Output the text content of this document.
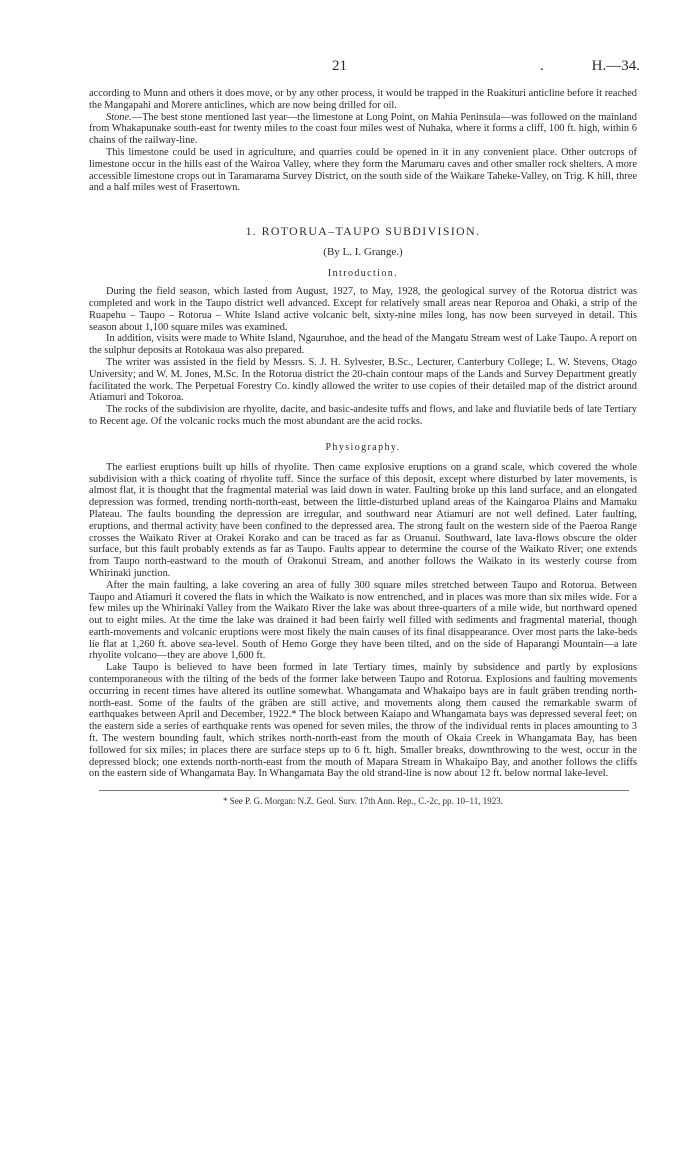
21	.	H.—34.

according to Munn and others it does move, or by any other process, it would be trapped in the Ruakituri anticline before it reached the Mangapahi and Morere anticlines, which are now being drilled for oil.

Stone.—The best stone mentioned last year—the limestone at Long Point, on Mahia Peninsula—was followed on the mainland from Whakapunake south-east for twenty miles to the coast four miles west of Nuhaka, where it forms a cliff, 100 ft. high, within 6 chains of the railway-line.

This limestone could be used in agriculture, and quarries could be opened in it in any convenient place. Other outcrops of limestone occur in the hills east of the Wairoa Valley, where they form the Marumaru caves and other smaller rock shelters. A more accessible limestone crops out in Taramarama Survey District, on the south side of the Waikare Taheke-Valley, on Trig. K hill, three and a half miles west of Frasertown.

1. ROTORUA–TAUPO SUBDIVISION.
(By L. I. Grange.)
Introduction.

During the field season, which lasted from August, 1927, to May, 1928, the geological survey of the Rotorua district was completed and work in the Taupo district well advanced. Except for relatively small areas near Reporoa and Ohaki, a strip of the Ruapehu – Taupo – Rotorua – White Island active volcanic belt, sixty-nine miles long, has now been surveyed in detail. This season about 1,100 square miles was examined.

In addition, visits were made to White Island, Ngauruhoe, and the head of the Mangatu Stream west of Lake Taupo. A report on the sulphur deposits at Rotokaua was also prepared.

The writer was assisted in the field by Messrs. S. J. H. Sylvester, B.Sc., Lecturer, Canterbury College; L. W. Stevens, Otago University; and W. M. Jones, M.Sc. In the Rotorua district the 20-chain contour maps of the Lands and Survey Department greatly facilitated the work. The Perpetual Forestry Co. kindly allowed the writer to use copies of their detailed map of the district around Atiamuri and Tokoroa.

The rocks of the subdivision are rhyolite, dacite, and basic-andesite tuffs and flows, and lake and fluviatile beds of late Tertiary to Recent age. Of the volcanic rocks much the most abundant are the acid rocks.

Physiography.

The earliest eruptions built up hills of rhyolite. Then came explosive eruptions on a grand scale, which covered the whole subdivision with a thick coating of rhyolite tuff. Since the surface of this deposit, except where disturbed by later movements, is almost flat, it is thought that the fragmental material was laid down in water. Faulting broke up this land surface, and an elongated depression was formed, trending north-north-east, between the little-disturbed upland areas of the Kaingaroa Plains and Mamaku Plateau. The faults bounding the depression are irregular, and southward near Atiamuri are not well defined. Later faulting, eruptions, and thermal activity have been confined to the depressed area. The strong fault on the western side of the Paeroa Range crosses the Waikato River at Orakei Korako and can be traced as far as Oruanui. Southward, late lava-flows obscure the older surface, but this fault probably extends as far as Taupo. Faults appear to determine the course of the Waikato River; one extends from Taupo north-eastward to the mouth of Orakonui Stream, and another follows the Waikato in its westerly course from Whirinaki junction.

After the main faulting, a lake covering an area of fully 300 square miles stretched between Taupo and Rotorua. Between Taupo and Atiamuri it covered the flats in which the Waikato is now entrenched, and in places was more than six miles wide. For a few miles up the Whirinaki Valley from the Waikato River the lake was about three-quarters of a mile wide, but northward opened out to eight miles. At the time the lake was drained it had been fairly well filled with sediments and fragmental material, though earth-movements and volcanic eruptions were most likely the main causes of its final disappearance. Over most parts the lake-beds lie flat at 1,260 ft. above sea-level. South of Hemo Gorge they have been tilted, and on the side of Haparangi Mountain—a late rhyolite volcano—they are above 1,600 ft.

Lake Taupo is believed to have been formed in late Tertiary times, mainly by subsidence and partly by explosions contemporaneous with the tilting of the beds of the former lake between Taupo and Rotorua. Explosions and faulting movements occurring in recent times have altered its outline somewhat. Whangamata and Whakaipo bays are in fault gräben trending north-north-east. Some of the faults of the gräben are still active, and movements along them caused the remarkable swarm of earthquakes between April and December, 1922.* The block between Kaiapo and Whangamata bays was depressed several feet; on the eastern side a series of earthquake rents was opened for seven miles, the throw of the individual rents in places amounting to 3 ft. The western bounding fault, which strikes north-north-east from the mouth of Okaia Creek in Whangamata Bay, has been followed for six miles; in places there are surface steps up to 6 ft. high. Smaller breaks, downthrowing to the west, occur in the depressed block; one extends north-north-east from the mouth of Mapara Stream in Whakaipo Bay, and another follows the cliffs on the eastern side of Whangamata Bay. In Whangamata Bay the old strand-line is now about 12 ft. below normal lake-level.

* See P. G. Morgan: N.Z. Geol. Surv. 17th Ann. Rep., C.-2c, pp. 10–11, 1923.
